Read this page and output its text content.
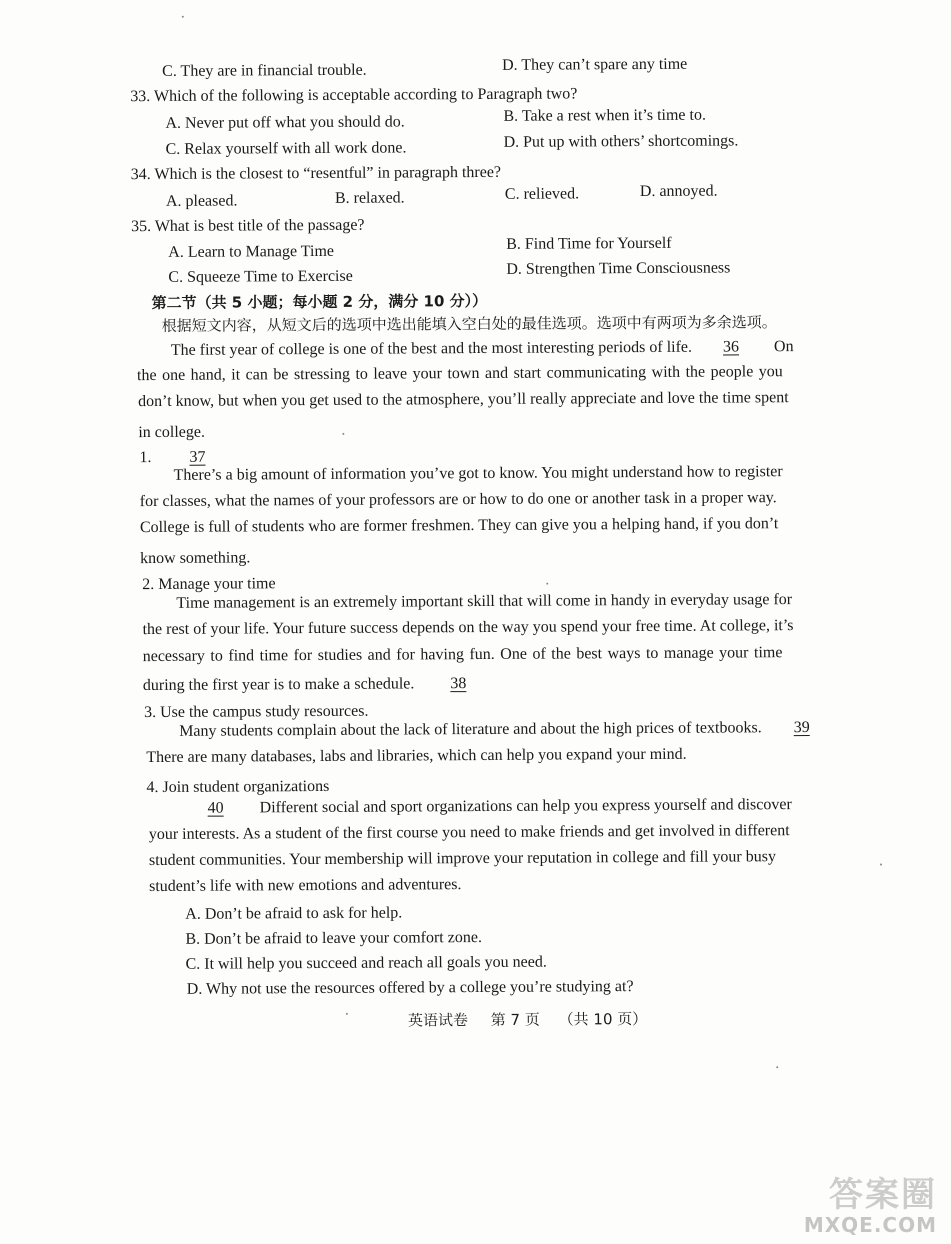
C. They are in financial trouble.	D. They can’t spare any time
33. Which of the following is acceptable according to Paragraph two?
A. Never put off what you should do.	B. Take a rest when it’s time to.
C. Relax yourself with all work done.	D. Put up with others’ shortcomings.
34. Which is the closest to “resentful” in paragraph three?
A. pleased.	B. relaxed.	C. relieved.	D. annoyed.
35. What is best title of the passage?
A. Learn to Manage Time	B. Find Time for Yourself
C. Squeeze Time to Exercise	D. Strengthen Time Consciousness
第二节（共 5 小题；每小题 2 分，满分 10 分））
根据短文内容，从短文后的选项中选出能填入空白处的最佳选项。选项中有两项为多余选项。
The first year of college is one of the best and the most interesting periods of life. 36 On
the one hand, it can be stressing to leave your town and start communicating with the people you
don’t know, but when you get used to the atmosphere, you’ll really appreciate and love the time spent
in college.
1. 37
There’s a big amount of information you’ve got to know. You might understand how to register
for classes, what the names of your professors are or how to do one or another task in a proper way.
College is full of students who are former freshmen. They can give you a helping hand, if you don’t
know something.
2. Manage your time
Time management is an extremely important skill that will come in handy in everyday usage for
the rest of your life. Your future success depends on the way you spend your free time. At college, it’s
necessary to find time for studies and for having fun. One of the best ways to manage your time
during the first year is to make a schedule. 38
3. Use the campus study resources.
Many students complain about the lack of literature and about the high prices of textbooks. 39
There are many databases, labs and libraries, which can help you expand your mind.
4. Join student organizations
40 Different social and sport organizations can help you express yourself and discover
your interests. As a student of the first course you need to make friends and get involved in different
student communities. Your membership will improve your reputation in college and fill your busy
student’s life with new emotions and adventures.
A. Don’t be afraid to ask for help.
B. Don’t be afraid to leave your comfort zone.
C. It will help you succeed and reach all goals you need.
D. Why not use the resources offered by a college you’re studying at?
英语试卷 第 7 页 （共 10 页）
答案圈
MXQE.COM
